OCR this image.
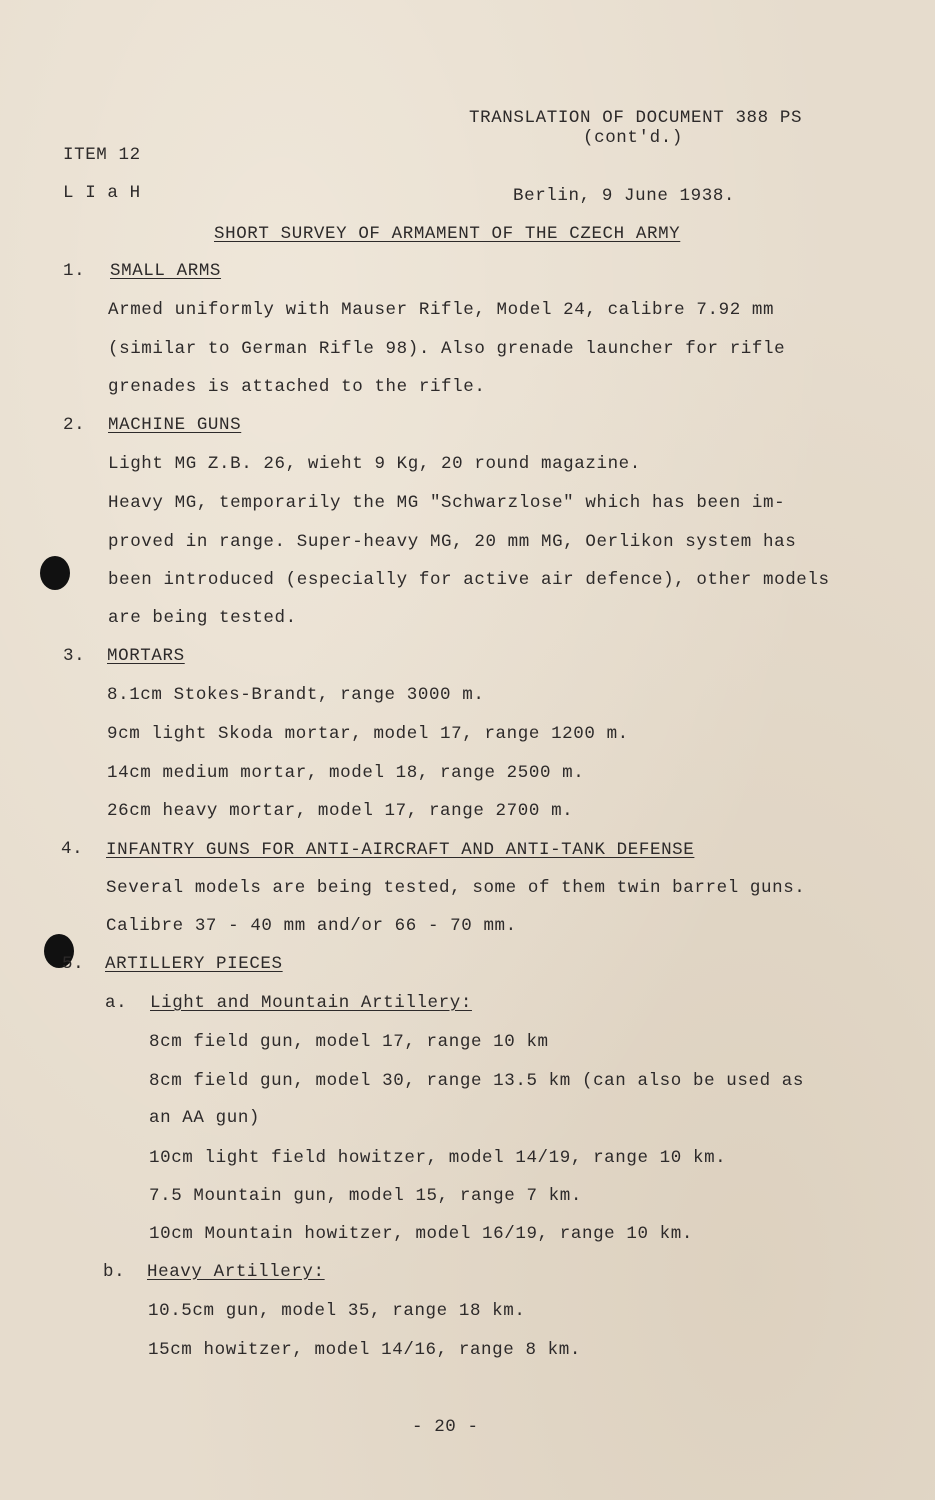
TRANSLATION OF DOCUMENT 388 PS
(cont'd.)
ITEM 12
L I a H	Berlin, 9 June 1938.
SHORT SURVEY OF ARMAMENT OF THE CZECH ARMY
1. SMALL ARMS
Armed uniformly with Mauser Rifle, Model 24, calibre 7.92 mm
(similar to German Rifle 98). Also grenade launcher for rifle
grenades is attached to the rifle.
2. MACHINE GUNS
Light MG Z.B. 26, wieht 9 Kg, 20 round magazine.
Heavy MG, temporarily the MG "Schwarzlose" which has been im-
proved in range. Super-heavy MG, 20 mm MG, Oerlikon system has
been introduced (especially for active air defence), other models
are being tested.
3. MORTARS
8.1cm Stokes-Brandt, range 3000 m.
9cm light Skoda mortar, model 17, range 1200 m.
14cm medium mortar, model 18, range 2500 m.
26cm heavy mortar, model 17, range 2700 m.
4. INFANTRY GUNS FOR ANTI-AIRCRAFT AND ANTI-TANK DEFENSE
Several models are being tested, some of them twin barrel guns.
Calibre 37 - 40 mm and/or 66 - 70 mm.
5. ARTILLERY PIECES
a. Light and Mountain Artillery:
8cm field gun, model 17, range 10 km
8cm field gun, model 30, range 13.5 km (can also be used as
an AA gun)
10cm light field howitzer, model 14/19, range 10 km.
7.5 Mountain gun, model 15, range 7 km.
10cm Mountain howitzer, model 16/19, range 10 km.
b. Heavy Artillery:
10.5cm gun, model 35, range 18 km.
15cm howitzer, model 14/16, range 8 km.
- 20 -
